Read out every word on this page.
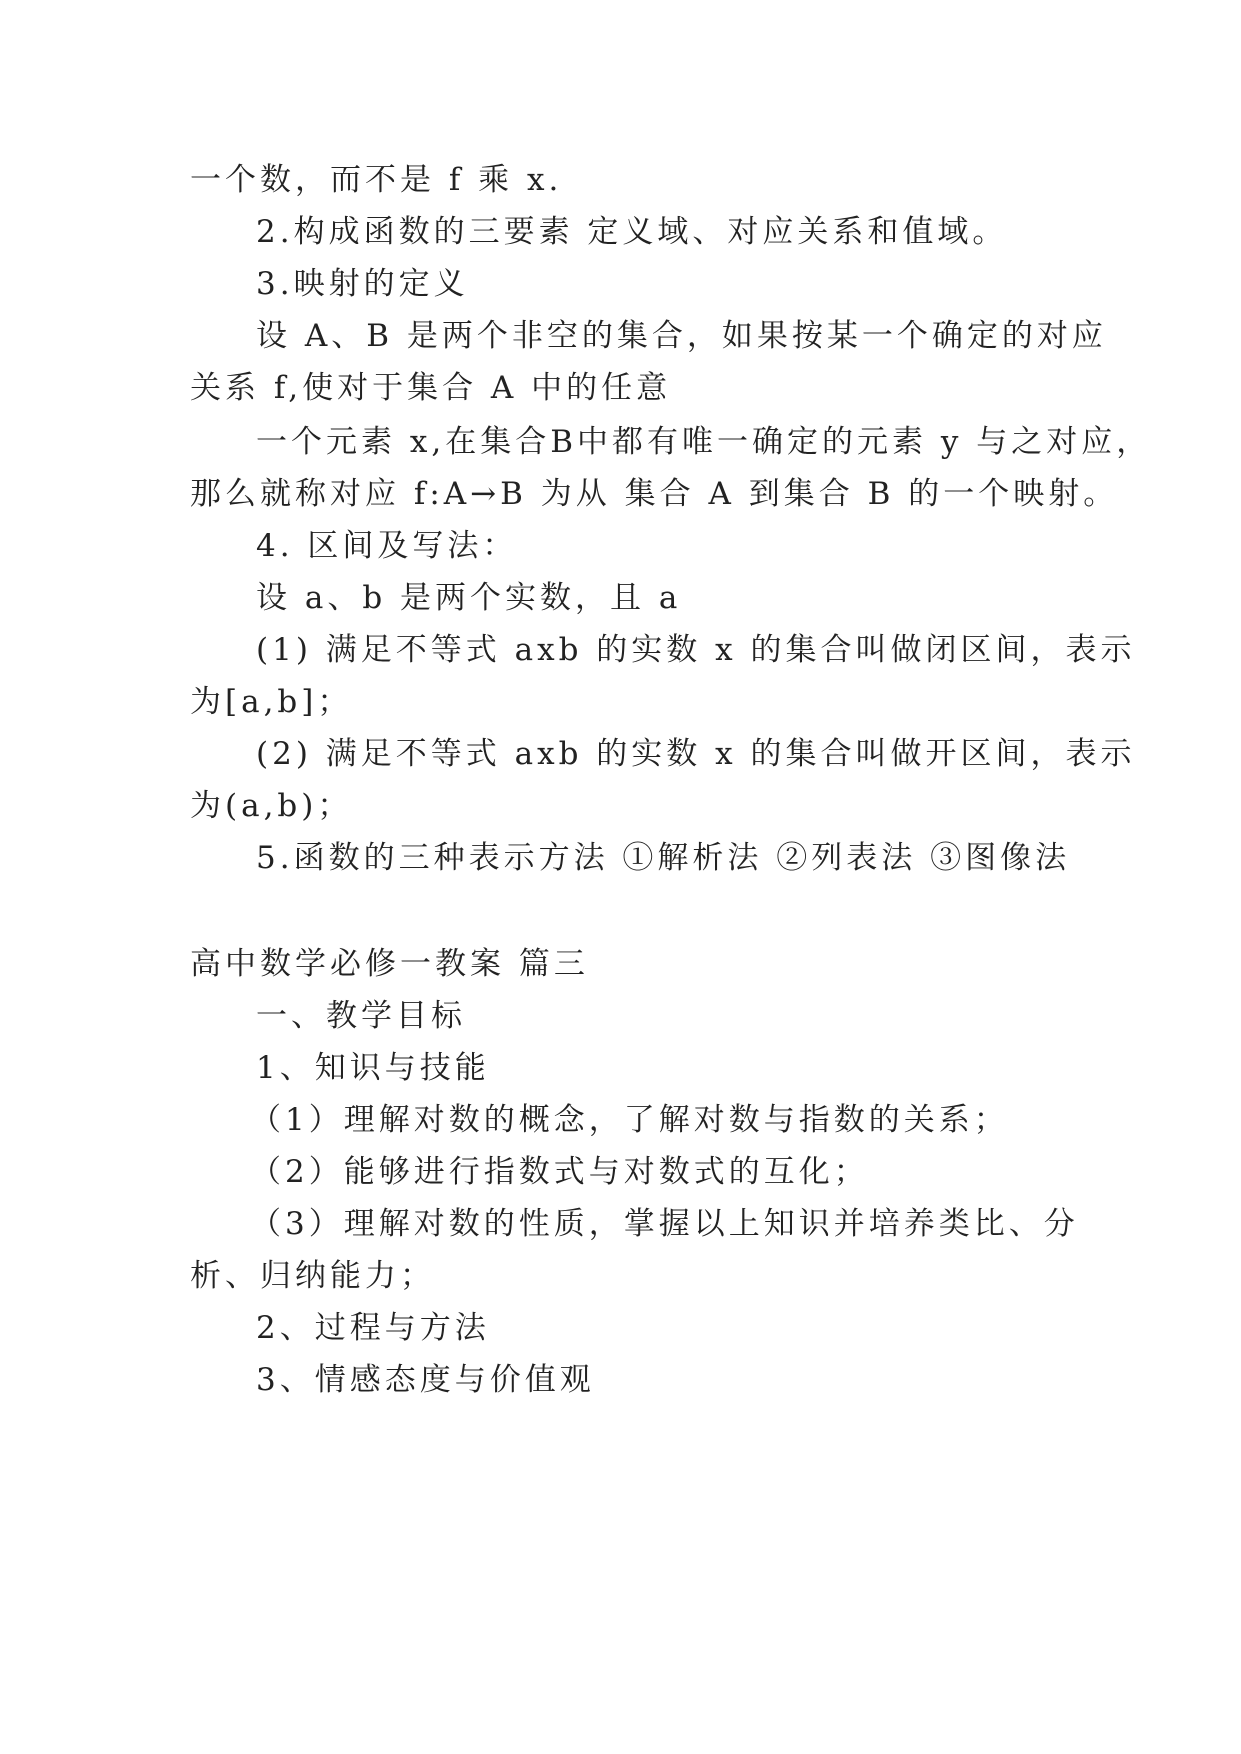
一个数，而不是 f 乘 x.
2.构成函数的三要素 定义域、对应关系和值域。
3.映射的定义
设 A、B 是两个非空的集合，如果按某一个确定的对应
关系 f,使对于集合 A 中的任意
一个元素 x,在集合B中都有唯一确定的元素 y 与之对应，
那么就称对应 f:A→B 为从 集合 A 到集合 B 的一个映射。
4. 区间及写法：
设 a、b 是两个实数，且 a
(1) 满足不等式 axb 的实数 x 的集合叫做闭区间，表示
为[a,b]；
(2) 满足不等式 axb 的实数 x 的集合叫做开区间，表示
为(a,b)；
5.函数的三种表示方法 ①解析法 ②列表法 ③图像法
高中数学必修一教案 篇三
一、教学目标
1、知识与技能
（1）理解对数的概念，了解对数与指数的关系；
（2）能够进行指数式与对数式的互化；
（3）理解对数的性质，掌握以上知识并培养类比、分
析、归纳能力；
2、过程与方法
3、情感态度与价值观
